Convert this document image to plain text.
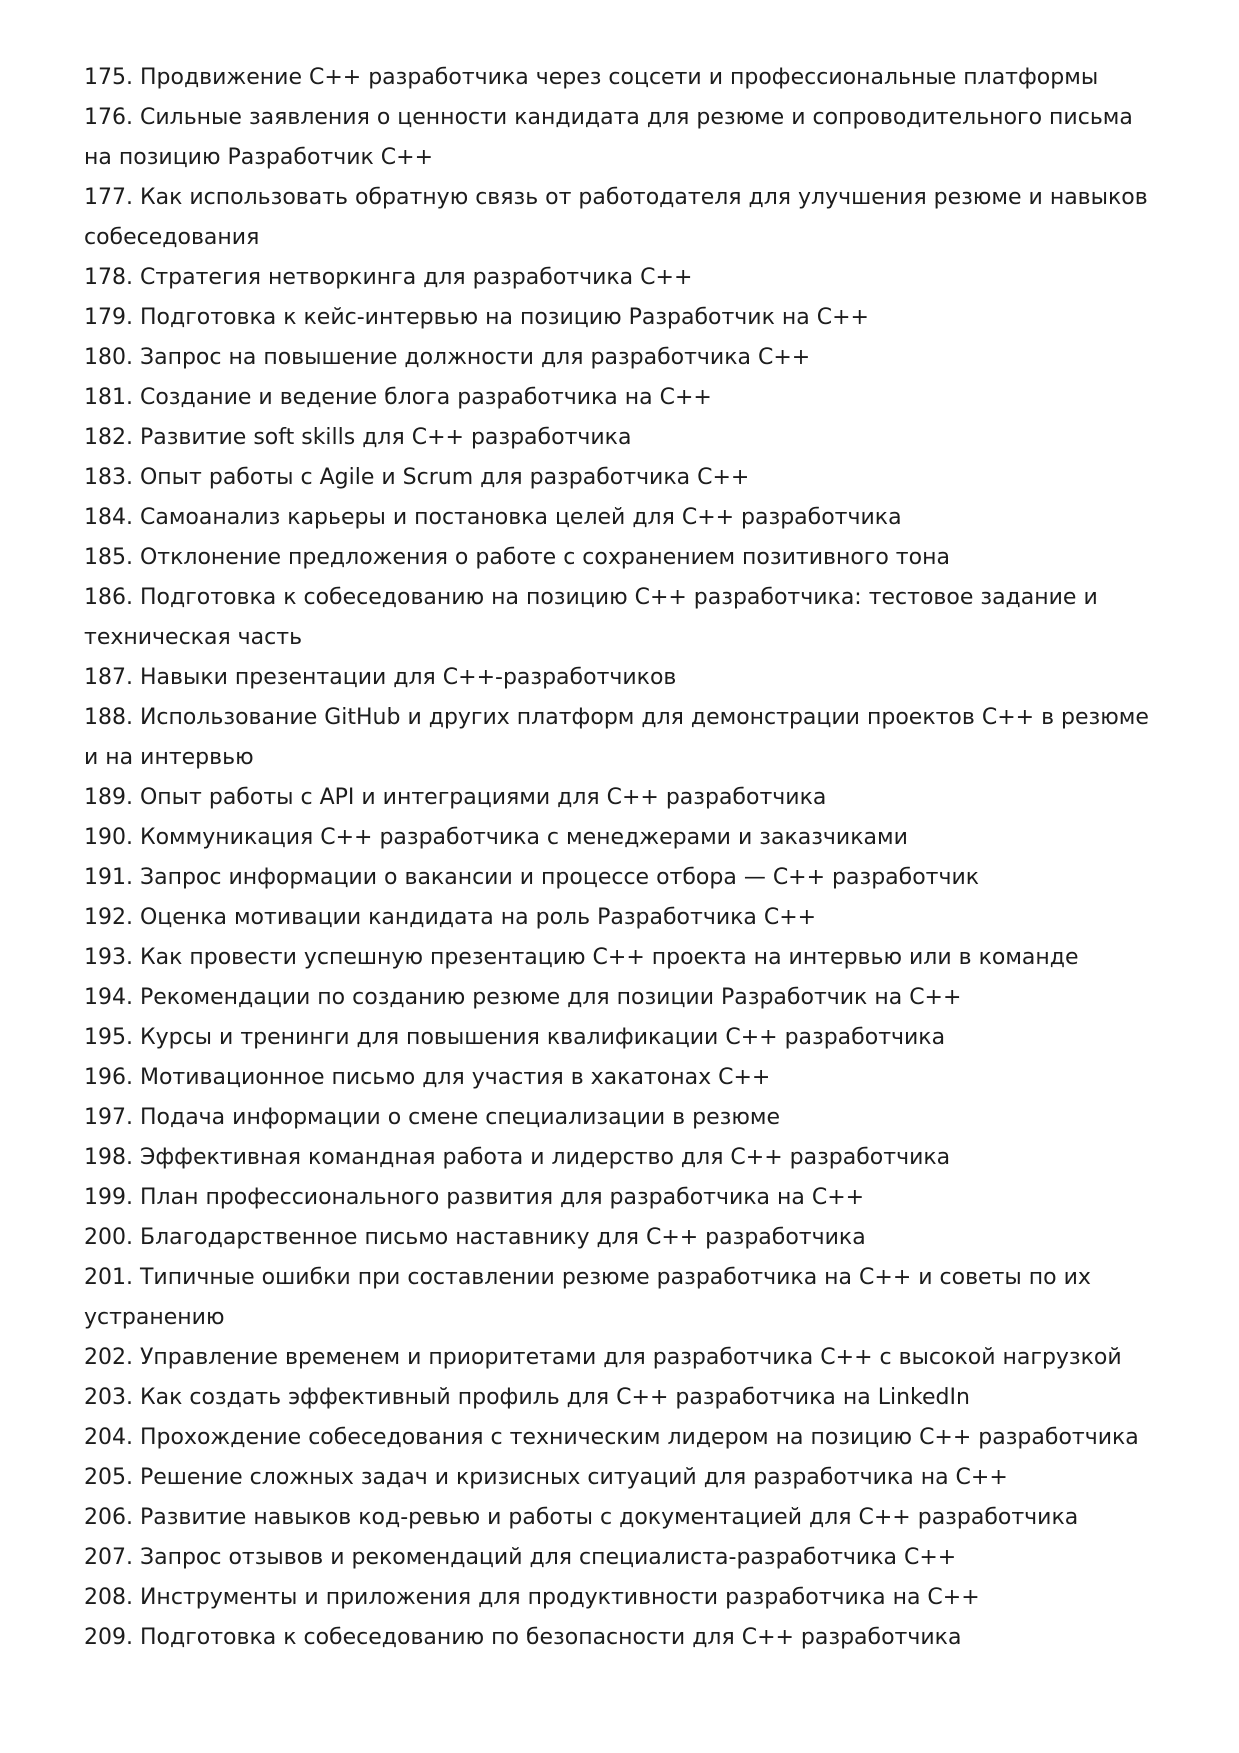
175. Продвижение C++ разработчика через соцсети и профессиональные платформы
176. Сильные заявления о ценности кандидата для резюме и сопроводительного письма на позицию Разработчик C++
177. Как использовать обратную связь от работодателя для улучшения резюме и навыков собеседования
178. Стратегия нетворкинга для разработчика C++
179. Подготовка к кейс-интервью на позицию Разработчик на C++
180. Запрос на повышение должности для разработчика C++
181. Создание и ведение блога разработчика на C++
182. Развитие soft skills для C++ разработчика
183. Опыт работы с Agile и Scrum для разработчика C++
184. Самоанализ карьеры и постановка целей для C++ разработчика
185. Отклонение предложения о работе с сохранением позитивного тона
186. Подготовка к собеседованию на позицию C++ разработчика: тестовое задание и техническая часть
187. Навыки презентации для C++-разработчиков
188. Использование GitHub и других платформ для демонстрации проектов C++ в резюме и на интервью
189. Опыт работы с API и интеграциями для C++ разработчика
190. Коммуникация C++ разработчика с менеджерами и заказчиками
191. Запрос информации о вакансии и процессе отбора — C++ разработчик
192. Оценка мотивации кандидата на роль Разработчика C++
193. Как провести успешную презентацию C++ проекта на интервью или в команде
194. Рекомендации по созданию резюме для позиции Разработчик на C++
195. Курсы и тренинги для повышения квалификации C++ разработчика
196. Мотивационное письмо для участия в хакатонах C++
197. Подача информации о смене специализации в резюме
198. Эффективная командная работа и лидерство для C++ разработчика
199. План профессионального развития для разработчика на C++
200. Благодарственное письмо наставнику для C++ разработчика
201. Типичные ошибки при составлении резюме разработчика на C++ и советы по их устранению
202. Управление временем и приоритетами для разработчика C++ с высокой нагрузкой
203. Как создать эффективный профиль для C++ разработчика на LinkedIn
204. Прохождение собеседования с техническим лидером на позицию C++ разработчика
205. Решение сложных задач и кризисных ситуаций для разработчика на C++
206. Развитие навыков код-ревью и работы с документацией для C++ разработчика
207. Запрос отзывов и рекомендаций для специалиста-разработчика C++
208. Инструменты и приложения для продуктивности разработчика на C++
209. Подготовка к собеседованию по безопасности для C++ разработчика
